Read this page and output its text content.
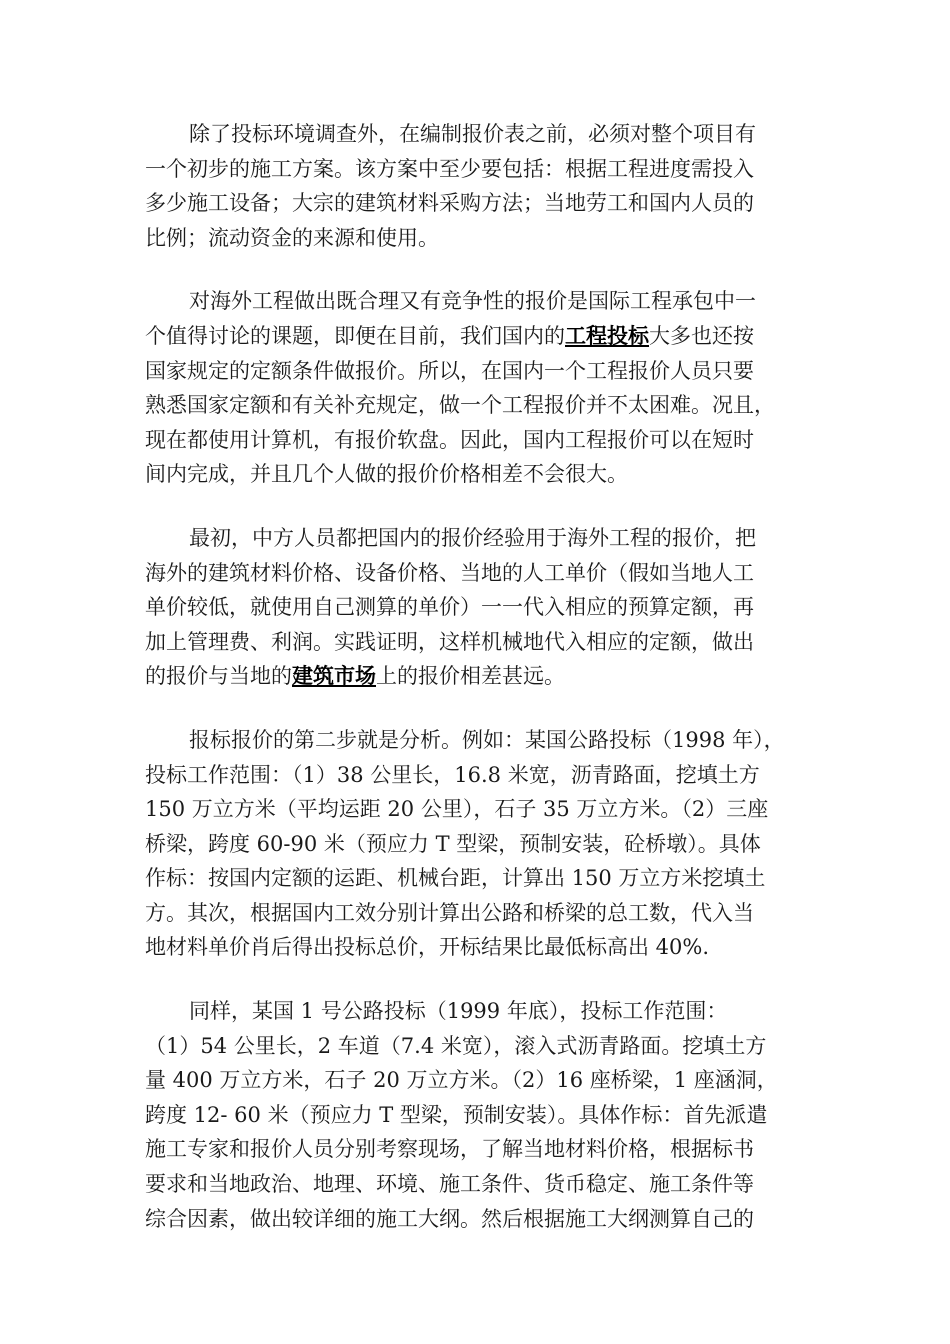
除了投标环境调查外，在编制报价表之前，必须对整个项目有
一个初步的施工方案。该方案中至少要包括：根据工程进度需投入
多少施工设备；大宗的建筑材料采购方法；当地劳工和国内人员的
比例；流动资金的来源和使用。

对海外工程做出既合理又有竞争性的报价是国际工程承包中一
个值得讨论的课题，即便在目前，我们国内的工程投标大多也还按
国家规定的定额条件做报价。所以，在国内一个工程报价人员只要
熟悉国家定额和有关补充规定，做一个工程报价并不太困难。况且，
现在都使用计算机，有报价软盘。因此，国内工程报价可以在短时
间内完成，并且几个人做的报价价格相差不会很大。

最初，中方人员都把国内的报价经验用于海外工程的报价，把
海外的建筑材料价格、设备价格、当地的人工单价（假如当地人工
单价较低，就使用自己测算的单价）一一代入相应的预算定额，再
加上管理费、利润。实践证明，这样机械地代入相应的定额，做出
的报价与当地的建筑市场上的报价相差甚远。

报标报价的第二步就是分析。例如：某国公路投标（1998 年），
投标工作范围：（1）38 公里长，16.8 米宽，沥青路面，挖填土方
150 万立方米（平均运距 20 公里），石子 35 万立方米。（2）三座
桥梁，跨度 60-90 米（预应力 T 型梁，预制安装，砼桥墩）。具体
作标：按国内定额的运距、机械台距，计算出 150 万立方米挖填土
方。其次，根据国内工效分别计算出公路和桥梁的总工数，代入当
地材料单价肖后得出投标总价，开标结果比最低标高出 40%.

同样，某国 1 号公路投标（1999 年底），投标工作范围：
（1）54 公里长，2 车道（7.4 米宽），滚入式沥青路面。挖填土方
量 400 万立方米，石子 20 万立方米。（2）16 座桥梁，1 座涵洞，
跨度 12- 60 米（预应力 T 型梁，预制安装）。具体作标：首先派遣
施工专家和报价人员分别考察现场，了解当地材料价格，根据标书
要求和当地政治、地理、环境、施工条件、货币稳定、施工条件等
综合因素，做出较详细的施工大纲。然后根据施工大纲测算自己的
